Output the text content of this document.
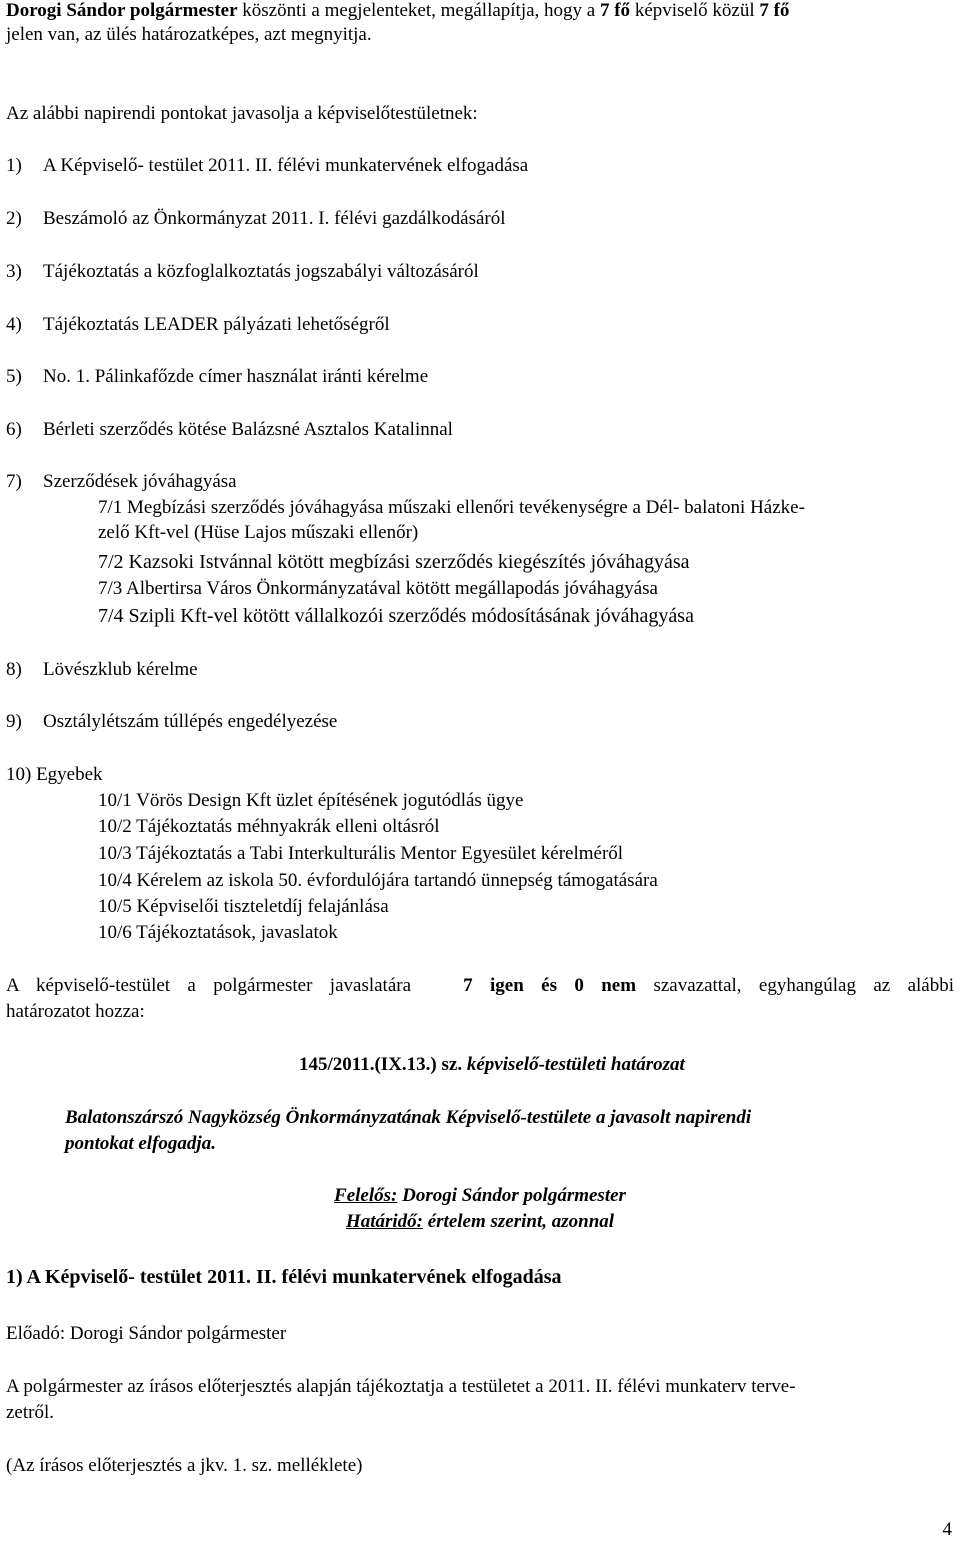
Dorogi Sándor polgármester köszönti a megjelenteket, megállapítja, hogy a 7 fő képviselő közül 7 fő
jelen van, az ülés határozatképes, azt megnyitja.
Az alábbi napirendi pontokat javasolja a képviselőtestületnek:
1) A Képviselő- testület 2011. II. félévi munkatervének elfogadása
2) Beszámoló az Önkormányzat 2011. I. félévi gazdálkodásáról
3) Tájékoztatás a közfoglalkoztatás jogszabályi változásáról
4) Tájékoztatás LEADER pályázati lehetőségről
5) No. 1. Pálinkafőzde címer használat iránti kérelme
6) Bérleti szerződés kötése Balázsné Asztalos Katalinnal
7) Szerződések jóváhagyása
7/1 Megbízási szerződés jóváhagyása műszaki ellenőri tevékenységre a Dél- balatoni Házke-
zelő Kft-vel (Hüse Lajos műszaki ellenőr)
7/2 Kazsoki Istvánnal kötött megbízási szerződés kiegészítés jóváhagyása
7/3 Albertirsa Város Önkormányzatával kötött megállapodás jóváhagyása
7/4 Szipli Kft-vel kötött vállalkozói szerződés módosításának jóváhagyása
8) Lövészklub kérelme
9) Osztálylétszám túllépés engedélyezése
10) Egyebek
10/1 Vörös Design Kft üzlet építésének jogutódlás ügye
10/2 Tájékoztatás méhnyakrák elleni oltásról
10/3 Tájékoztatás a Tabi Interkulturális Mentor Egyesület kérelméről
10/4 Kérelem az iskola 50. évfordulójára tartandó ünnepség támogatására
10/5 Képviselői tiszteletdíj felajánlása
10/6 Tájékoztatások, javaslatok
A képviselő-testület a polgármester javaslatára	7 igen és 0 nem szavazattal, egyhangúlag az alábbi
határozatot hozza:
145/2011.(IX.13.) sz. képviselő-testületi határozat
Balatonszárszó Nagyközség Önkormányzatának Képviselő-testülete a javasolt napirendi
pontokat elfogadja.
Felelős: Dorogi Sándor polgármester
Határidő: értelem szerint, azonnal
1) A Képviselő- testület 2011. II. félévi munkatervének elfogadása
Előadó: Dorogi Sándor polgármester
A polgármester az írásos előterjesztés alapján tájékoztatja a testületet a 2011. II. félévi munkaterv terve-
zetről.
(Az írásos előterjesztés a jkv. 1. sz. melléklete)
4
